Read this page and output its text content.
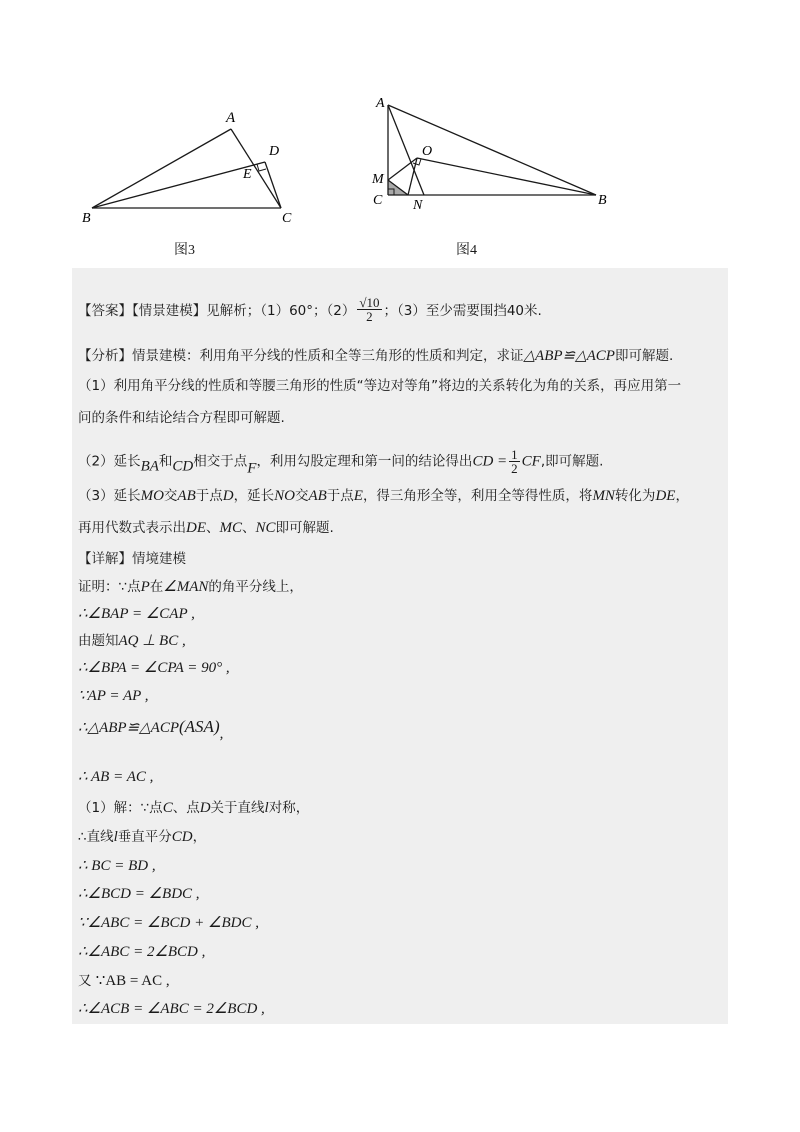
A
B	C
D
E
图3
A
B
C
M
N
O
图4
【答案】【情景建模】见解析；（1）60°；$(2) \frac{√10}{2}$ ；（3）至少需要围挡40米.
【分析】情景建模：利用角平分线的性质和全等三角形的性质和判定，求证△ABP≌△ACP即可解题.
（1）利用角平分线的性质和等腰三角形的性质“等边对等角”将边的关系转化为角的关系，再应用第一
问的条件和结论结合方程即可解题.
（2）延长BA和CD相交于点F，利用勾股定理和第一问的结论得出CD = $\frac{1}{2}$ CF,即可解题.
（3）延长MO交AB于点D，延长NO交AB于点E，得三角形全等，利用全等得性质，将MN转化为DE，
再用代数式表示出DE、MC、NC即可解题.
【详解】情境建模
证明：∵点P在∠MAN的角平分线上，
∴∠BAP = ∠CAP ,
由题知AQ ⊥ BC ,
∴∠BPA = ∠CPA = 90° ,
∵AP = AP ,
∴△ABP≌△ACP(ASA),
∴ AB = AC ,
（1）解：∵点C、点D关于直线l对称，
∴直线l垂直平分CD，
∴ BC = BD ,
∴∠BCD = ∠BDC ,
∵∠ABC = ∠BCD + ∠BDC ,
∴∠ABC = 2∠BCD ,
又 ∵AB = AC ,
∴∠ACB = ∠ABC = 2∠BCD ,
